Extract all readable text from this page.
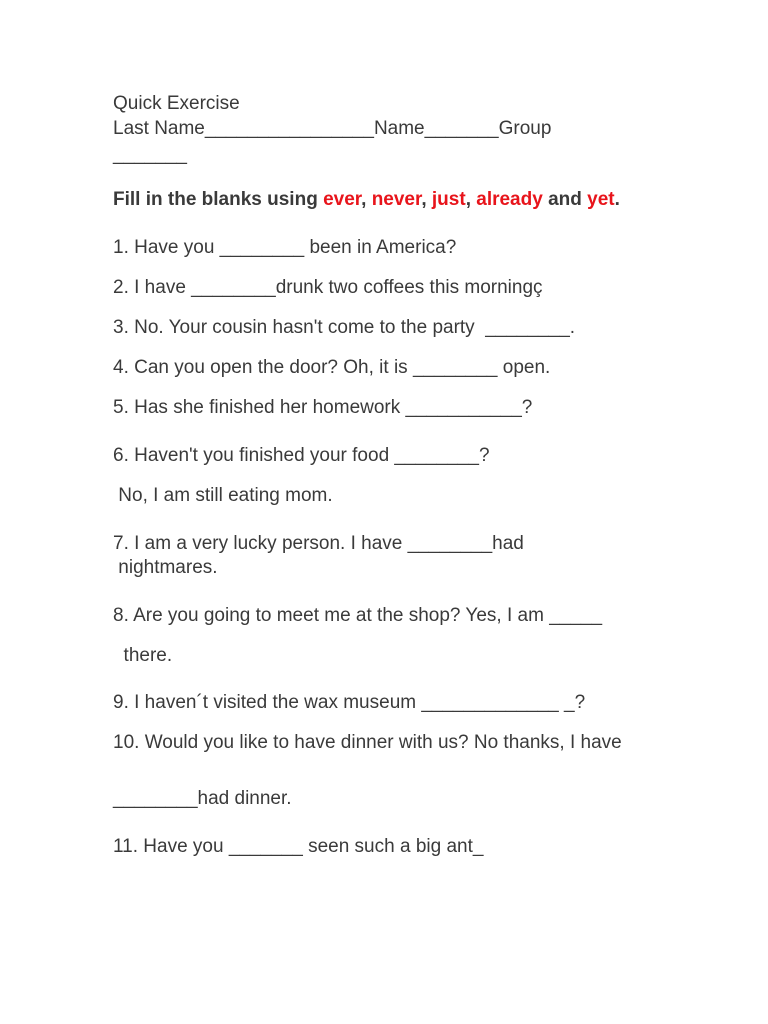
Quick Exercise
Last Name________________Name_______Group
_______
Fill in the blanks using ever, never, just, already and yet.
1. Have you ________ been in America?
2. I have ________drunk two coffees this morningç
3. No. Your cousin hasn't come to the party  ________.
4. Can you open the door? Oh, it is ________ open.
5. Has she finished her homework ___________?
6. Haven't you finished your food ________?
No, I am still eating mom.
7. I am a very lucky person. I have ________had
nightmares.
8. Are you going to meet me at the shop? Yes, I am _____
there.
9. I haven´t visited the wax museum _____________ _?
10. Would you like to have dinner with us? No thanks, I have
________had dinner.
11. Have you _______ seen such a big ant_
